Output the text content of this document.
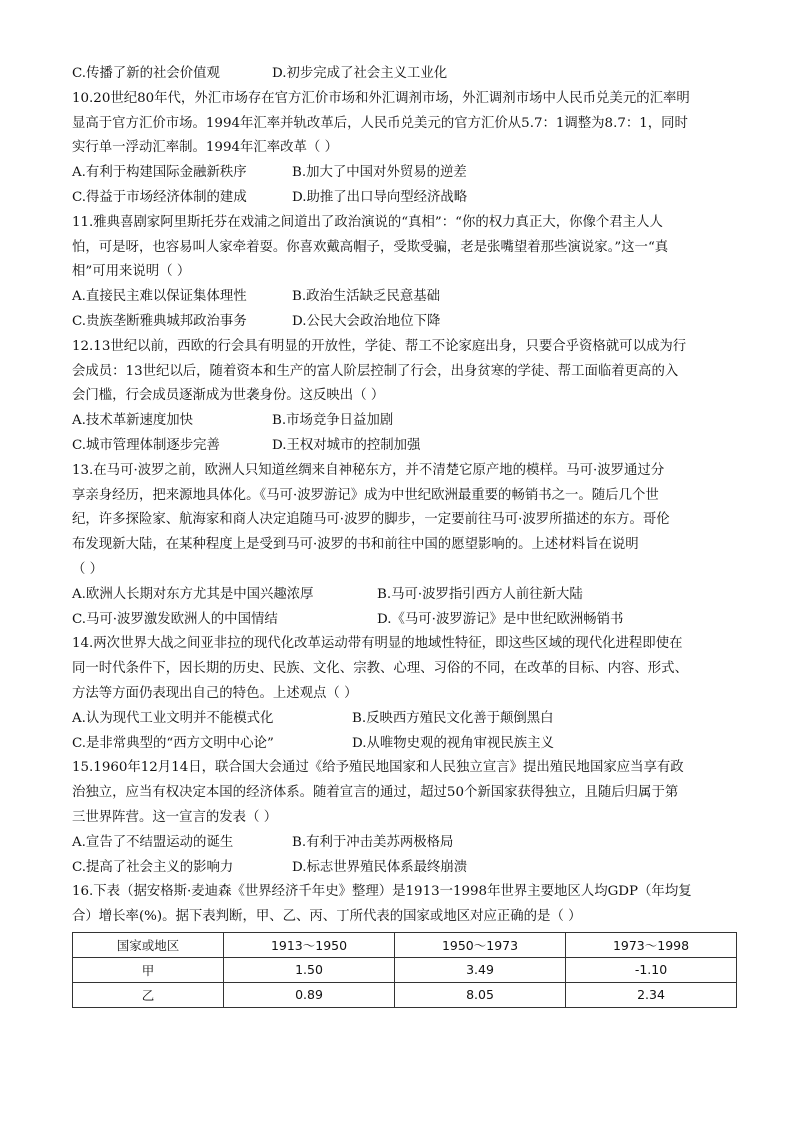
C.传播了新的社会价值观	D.初步完成了社会主义工业化
10.20世纪80年代，外汇市场存在官方汇价市场和外汇调剂市场，外汇调剂市场中人民币兑美元的汇率明
显高于官方汇价市场。1994年汇率并轨改革后，人民币兑美元的官方汇价从5.7：1调整为8.7：1，同时
实行单一浮动汇率制。1994年汇率改革（ ）
A.有利于构建国际金融新秩序	B.加大了中国对外贸易的逆差
C.得益于市场经济体制的建成	D.助推了出口导向型经济战略
11.雅典喜剧家阿里斯托芬在戏浦之间道出了政治演说的“真相”：“你的权力真正大，你像个君主人人
怕，可是呀，也容易叫人家牵着耍。你喜欢戴高帽子，受欺受骗，老是张嘴望着那些演说家。”这一“真
相”可用来说明（ ）
A.直接民主难以保证集体理性	B.政治生活缺乏民意基础
C.贵族垄断雅典城邦政治事务	D.公民大会政治地位下降
12.13世纪以前，西欧的行会具有明显的开放性，学徒、帮工不论家庭出身，只要合乎资格就可以成为行
会成员：13世纪以后，随着资本和生产的富人阶层控制了行会，出身贫寒的学徒、帮工面临着更高的入
会门槛，行会成员逐渐成为世袭身份。这反映出（ ）
A.技术革新速度加快	B.市场竞争日益加剧
C.城市管理体制逐步完善	D.王权对城市的控制加强
13.在马可·波罗之前，欧洲人只知道丝绸来自神秘东方，并不清楚它原产地的模样。马可·波罗通过分
享亲身经历，把来源地具体化。《马可·波罗游记》成为中世纪欧洲最重要的畅销书之一。随后几个世
纪，许多探险家、航海家和商人决定追随马可·波罗的脚步，一定要前往马可·波罗所描述的东方。哥伦
布发现新大陆，在某种程度上是受到马可·波罗的书和前往中国的愿望影响的。上述材料旨在说明
（ ）
A.欧洲人长期对东方尤其是中国兴趣浓厚	B.马可·波罗指引西方人前往新大陆
C.马可·波罗激发欧洲人的中国情结	D.《马可·波罗游记》是中世纪欧洲畅销书
14.两次世界大战之间亚非拉的现代化改革运动带有明显的地域性特征，即这些区域的现代化进程即使在
同一时代条件下，因长期的历史、民族、文化、宗教、心理、习俗的不同，在改革的目标、内容、形式、
方法等方面仍表现出自己的特色。上述观点（ ）
A.认为现代工业文明并不能模式化	B.反映西方殖民文化善于颠倒黑白
C.是非常典型的“西方文明中心论”	D.从唯物史观的视角审视民族主义
15.1960年12月14日，联合国大会通过《给予殖民地国家和人民独立宣言》提出殖民地国家应当享有政
治独立，应当有权决定本国的经济体系。随着宣言的通过，超过50个新国家获得独立，且随后归属于第
三世界阵营。这一宣言的发表（ ）
A.宣告了不结盟运动的诞生	B.有利于冲击美苏两极格局
C.提高了社会主义的影响力	D.标志世界殖民体系最终崩溃
16.下表（据安格斯·麦迪森《世界经济千年史》整理）是1913一1998年世界主要地区人均GDP（年均复
合）增长率(%)。据下表判断，甲、乙、丙、丁所代表的国家或地区对应正确的是（ ）
国家或地区	1913～1950	1950～1973	1973～1998
甲	1.50	3.49	-1.10
乙	0.89	8.05	2.34
